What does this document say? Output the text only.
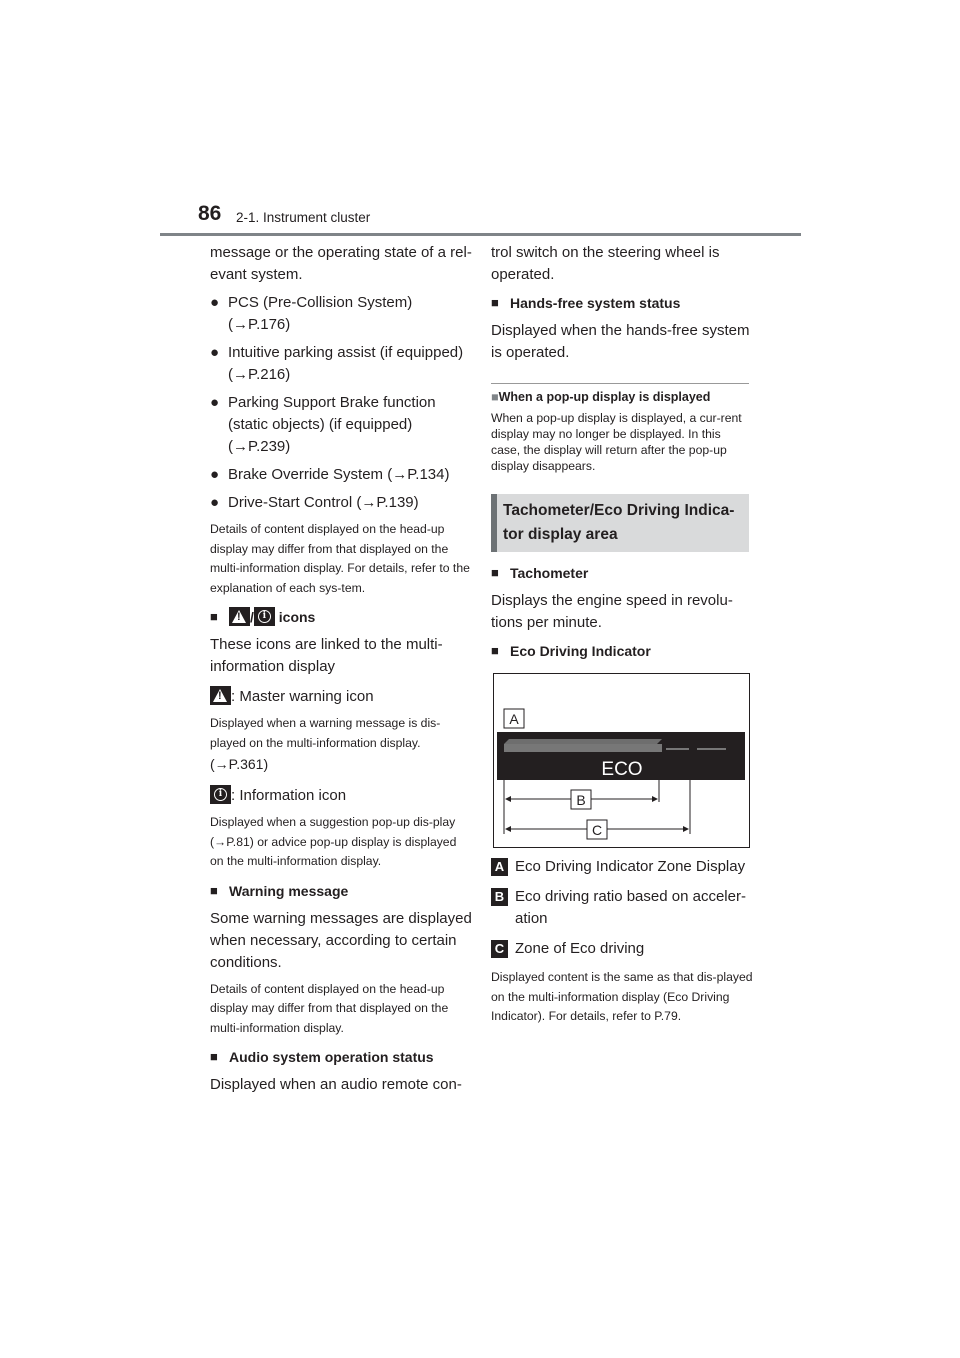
86 2-1. Instrument cluster

message or the operating state of a rel-evant system.

● PCS (Pre-Collision System) (→P.176)
● Intuitive parking assist (if equipped) (→P.216)
● Parking Support Brake function (static objects) (if equipped) (→P.239)
● Brake Override System (→P.134)
● Drive-Start Control (→P.139)

Details of content displayed on the head-up display may differ from that displayed on the multi-information display. For details, refer to the explanation of each sys-tem.

■
! / i icons

These icons are linked to the multi-information display

!: Master warning icon

Displayed when a warning message is dis-played on the multi-information display.

(→P.361)

i : Information icon

Displayed when a suggestion pop-up dis-play (→P.81) or advice pop-up display is displayed on the multi-information display.

■ Warning message

Some warning messages are displayed when necessary, according to certain conditions.

Details of content displayed on the head-up display may differ from that displayed on the multi-information display.

■ Audio system operation status

Displayed when an audio remote con-

trol switch on the steering wheel is operated.

■ Hands-free system status

Displayed when the hands-free system is operated.

■When a pop-up display is displayed

When a pop-up display is displayed, a cur-rent display may no longer be displayed. In this case, the display will return after the pop-up display disappears.

Tachometer/Eco Driving Indica-tor display area
■ Tachometer

Displays the engine speed in revolu-tions per minute.

■ Eco Driving Indicator
ECO
A
B
C
A Eco Driving Indicator Zone Display
B Eco driving ratio based on acceler-ation
C Zone of Eco driving

Displayed content is the same as that dis-played on the multi-information display (Eco Driving Indicator). For details, refer to P.79.
